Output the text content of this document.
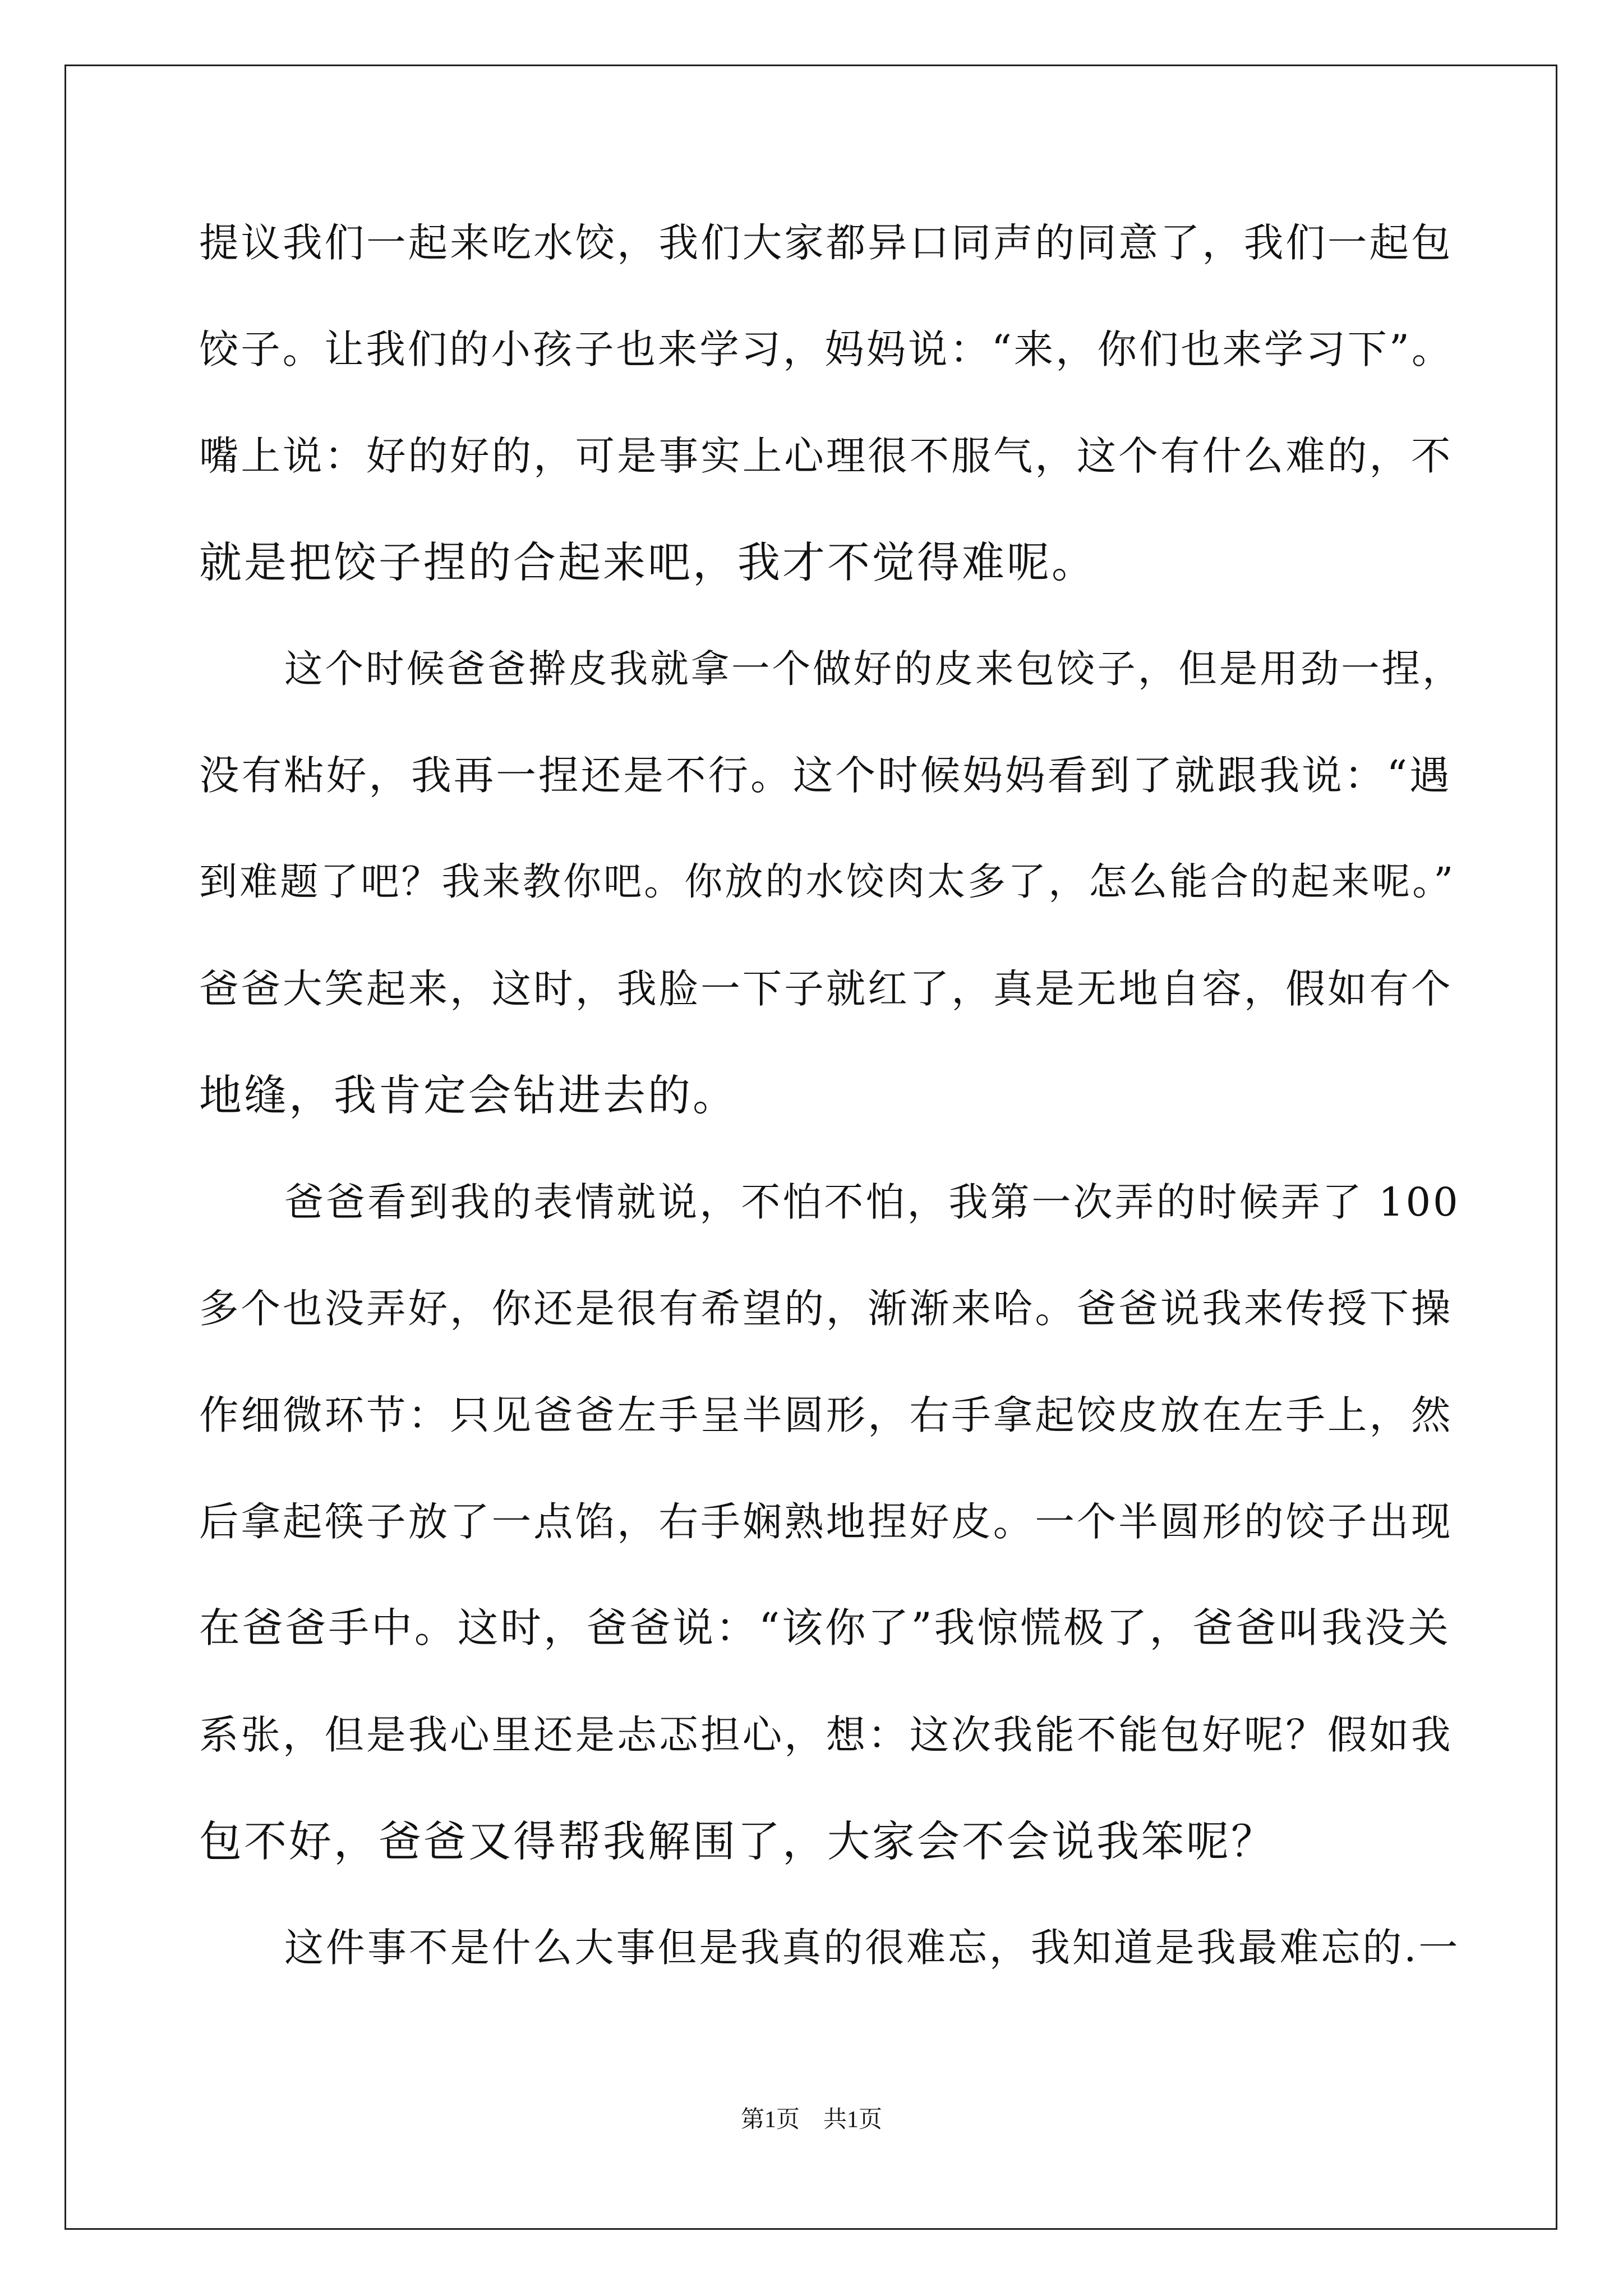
提议我们一起来吃水饺，我们大家都异口同声的同意了，我们一起包
饺子。让我们的小孩子也来学习，妈妈说：“来，你们也来学习下”。
嘴上说：好的好的，可是事实上心理很不服气，这个有什么难的，不
就是把饺子捏的合起来吧，我才不觉得难呢。
这个时候爸爸擀皮我就拿一个做好的皮来包饺子，但是用劲一捏，
没有粘好，我再一捏还是不行。这个时候妈妈看到了就跟我说：“遇
到难题了吧？我来教你吧。你放的水饺肉太多了，怎么能合的起来呢。”
爸爸大笑起来，这时，我脸一下子就红了，真是无地自容，假如有个
地缝，我肯定会钻进去的。
爸爸看到我的表情就说，不怕不怕，我第一次弄的时候弄了 100
多个也没弄好，你还是很有希望的，渐渐来哈。爸爸说我来传授下操
作细微环节：只见爸爸左手呈半圆形，右手拿起饺皮放在左手上，然
后拿起筷子放了一点馅，右手娴熟地捏好皮。一个半圆形的饺子出现
在爸爸手中。这时，爸爸说：“该你了”我惊慌极了，爸爸叫我没关
系张，但是我心里还是忐忑担心，想：这次我能不能包好呢？假如我
包不好，爸爸又得帮我解围了，大家会不会说我笨呢？
这件事不是什么大事但是我真的很难忘，我知道是我最难忘的.一
第1页　共1页
